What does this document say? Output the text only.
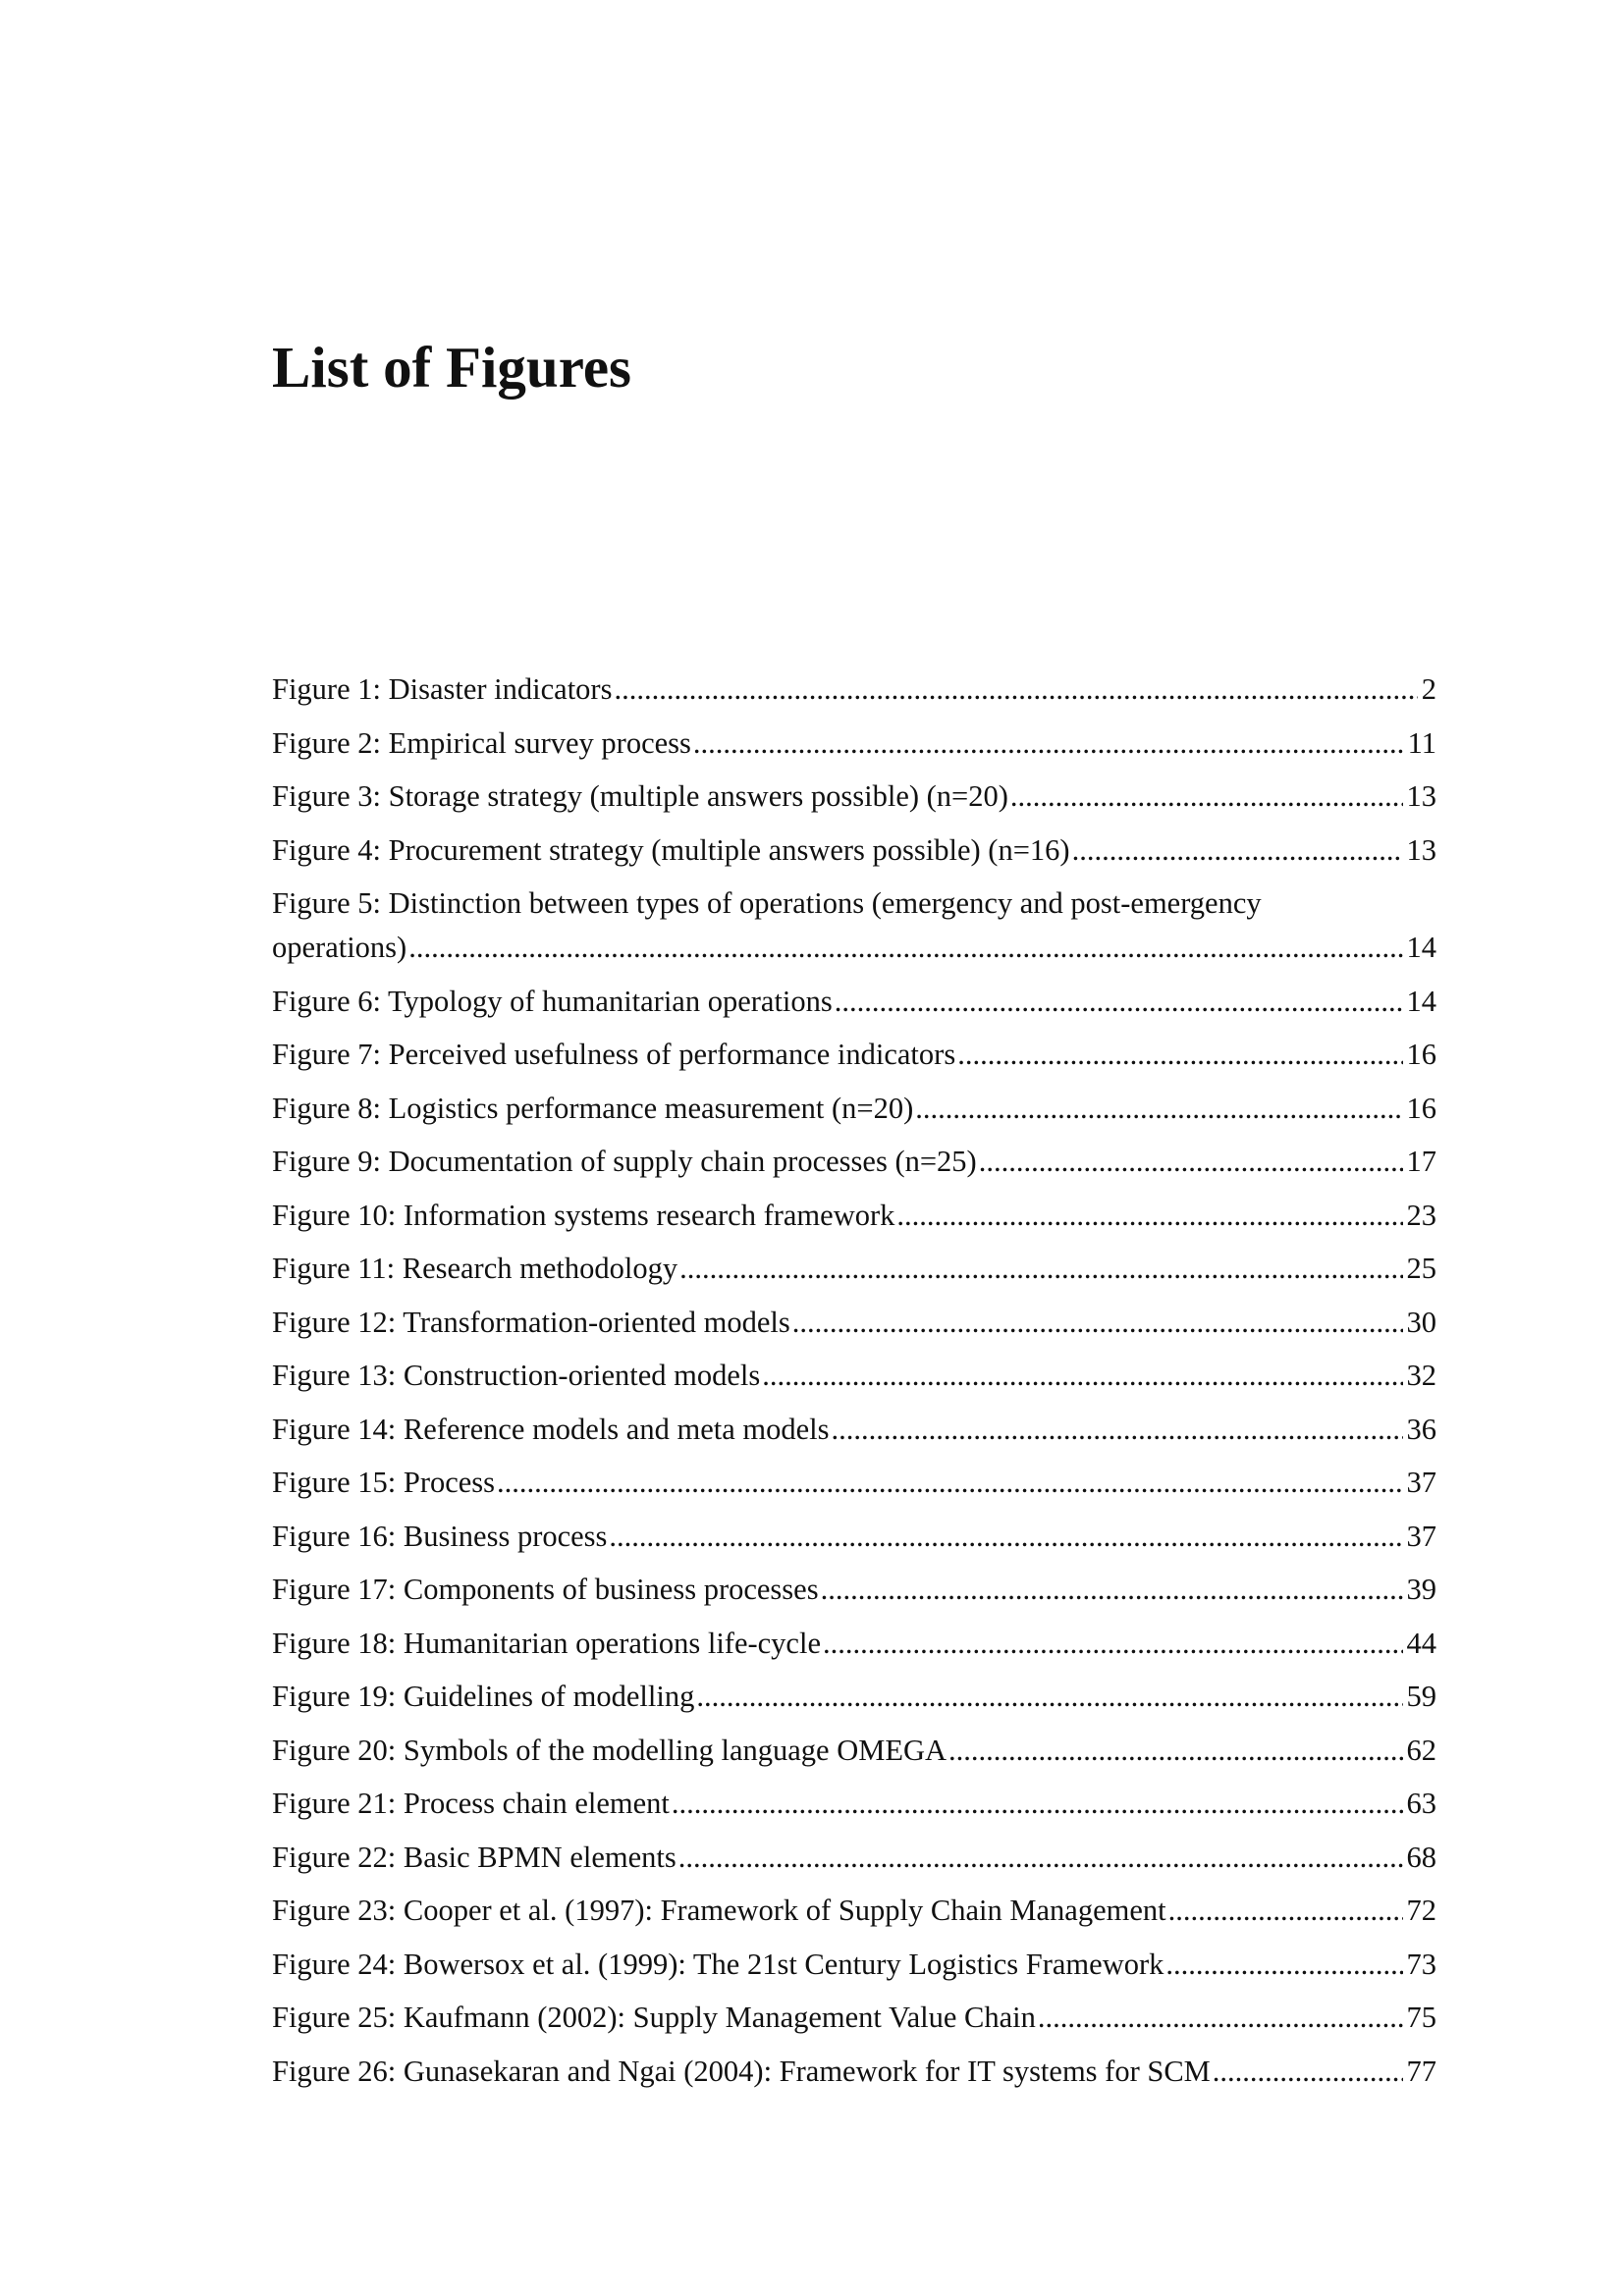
List of Figures
Figure 1: Disaster indicators .....	2
Figure 2: Empirical survey process .....	11
Figure 3: Storage strategy (multiple answers possible) (n=20) .....	13
Figure 4: Procurement strategy (multiple answers possible) (n=16) .....	13
Figure 5: Distinction between types of operations (emergency and post-emergency
operations) .....	14
Figure 6: Typology of humanitarian operations .....	14
Figure 7: Perceived usefulness of performance indicators .....	16
Figure 8: Logistics performance measurement (n=20) .....	16
Figure 9: Documentation of supply chain processes (n=25) .....	17
Figure 10: Information systems research framework .....	23
Figure 11: Research methodology .....	25
Figure 12: Transformation-oriented models .....	30
Figure 13: Construction-oriented models .....	32
Figure 14: Reference models and meta models .....	36
Figure 15: Process .....	37
Figure 16: Business process .....	37
Figure 17: Components of business processes .....	39
Figure 18: Humanitarian operations life-cycle .....	44
Figure 19: Guidelines of modelling .....	59
Figure 20: Symbols of the modelling language OMEGA .....	62
Figure 21: Process chain element .....	63
Figure 22: Basic BPMN elements .....	68
Figure 23: Cooper et al. (1997): Framework of Supply Chain Management .....	72
Figure 24: Bowersox et al. (1999): The 21st Century Logistics Framework .....	73
Figure 25: Kaufmann (2002): Supply Management Value Chain .....	75
Figure 26: Gunasekaran and Ngai (2004): Framework for IT systems for SCM .....	77
